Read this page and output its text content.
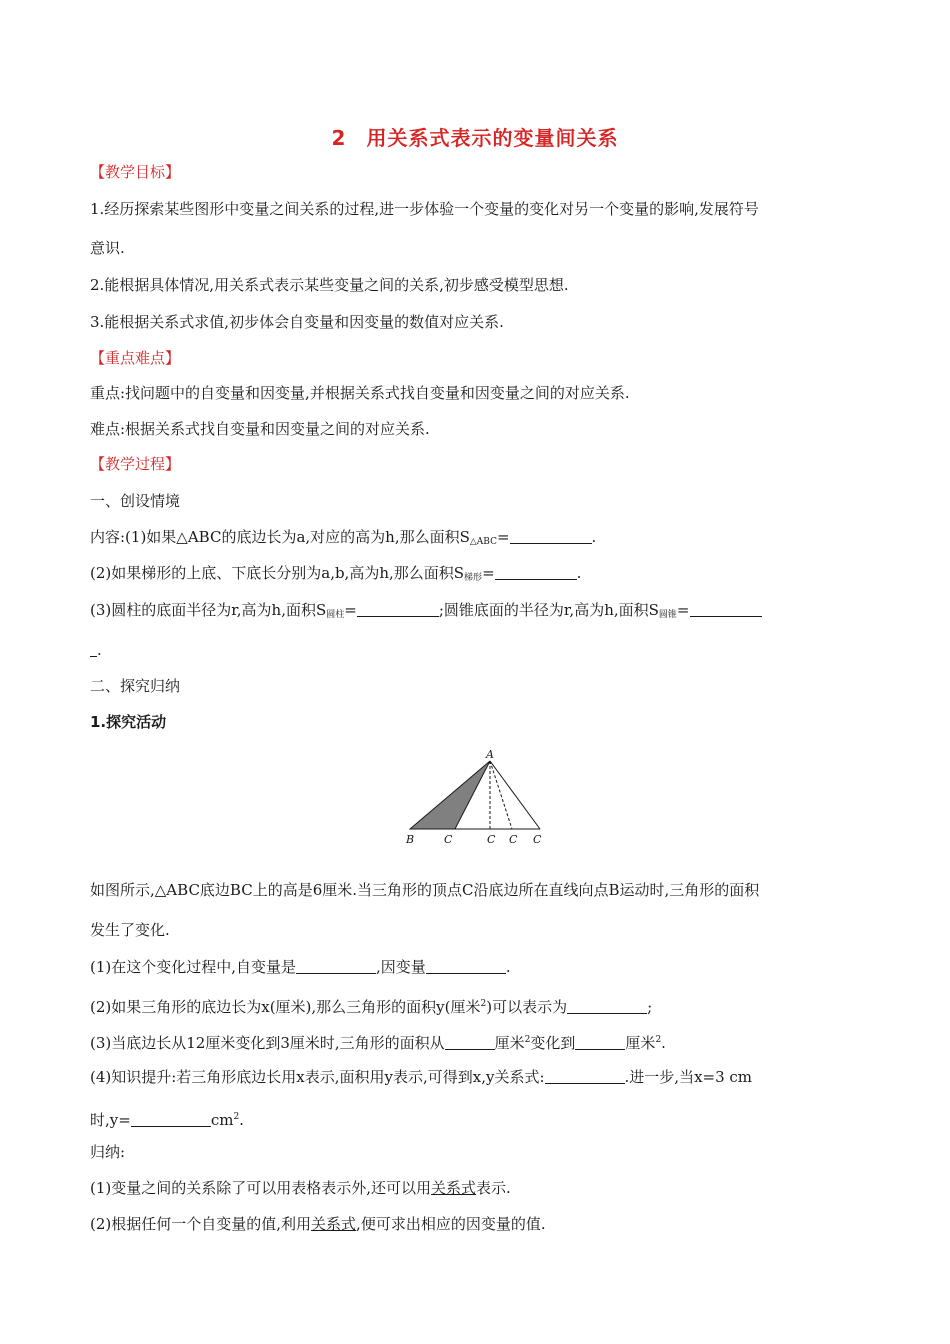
2 用关系式表示的变量间关系
【教学目标】
1.经历探索某些图形中变量之间关系的过程,进一步体验一个变量的变化对另一个变量的影响,发展符号
意识.
2.能根据具体情况,用关系式表示某些变量之间的关系,初步感受模型思想.
3.能根据关系式求值,初步体会自变量和因变量的数值对应关系.
【重点难点】
重点:找问题中的自变量和因变量,并根据关系式找自变量和因变量之间的对应关系.
难点:根据关系式找自变量和因变量之间的对应关系.
【教学过程】
一、创设情境
内容:(1)如果△ABC的底边长为a,对应的高为h,那么面积$S_{\triangle ABC}=$	.
(2)如果梯形的上底、下底长分别为a,b,高为h,那么面积$S_{梯形}=$	.
(3)圆柱的底面半径为r,高为h,面积$S_{圆柱}=$	;圆锥底面的半径为r,高为h,面积$S_{圆锥}=$
.
二、探究归纳
1.探究活动
A
B	C	C C C
如图所示,△ABC底边BC上的高是6厘米.当三角形的顶点C沿底边所在直线向点B运动时,三角形的面积
发生了变化.
(1)在这个变化过程中,自变量是	,因变量	.
(2)如果三角形的底边长为x(厘米),那么三角形的面积y(厘米$^2$)可以表示为	;
(3)当底边长从12厘米变化到3厘米时,三角形的面积从	厘米$^2$变化到	厘米$^2$.
(4)知识提升:若三角形底边长用x表示,面积用y表示,可得到x,y关系式:	.进一步,当x=3 cm
时,y=	$cm^2$.
归纳:
(1)变量之间的关系除了可以用表格表示外,还可以用关系式表示.
(2)根据任何一个自变量的值,利用关系式,便可求出相应的因变量的值.
